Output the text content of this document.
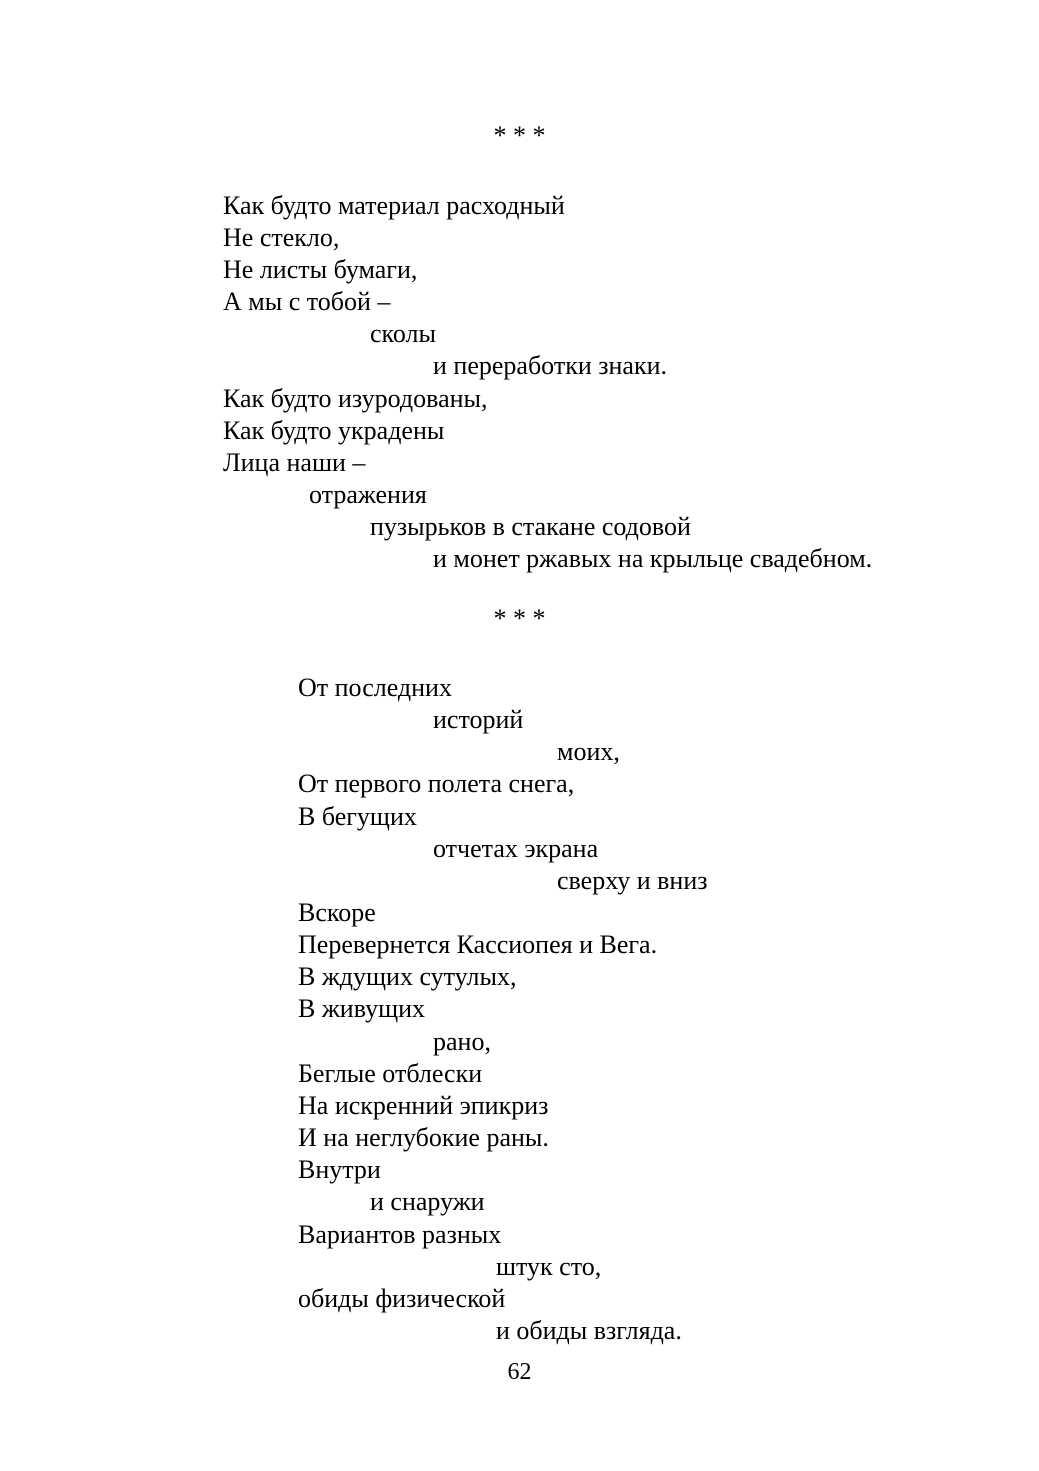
* * *
Как будто материал расходный
Не стекло,
Не листы бумаги,
А мы с тобой –
сколы
и переработки знаки.
Как будто изуродованы,
Как будто украдены
Лица наши –
отражения
пузырьков в стакане содовой
и монет ржавых на крыльце свадебном.
* * *
От последних
историй
моих,
От первого полета снега,
В бегущих
отчетах экрана
сверху и вниз
Вскоре
Перевернется Кассиопея и Вега.
В ждущих сутулых,
В живущих
рано,
Беглые отблески
На искренний эпикриз
И на неглубокие раны.
Внутри
и снаружи
Вариантов разных
штук сто,
обиды физической
и обиды взгляда.
62
